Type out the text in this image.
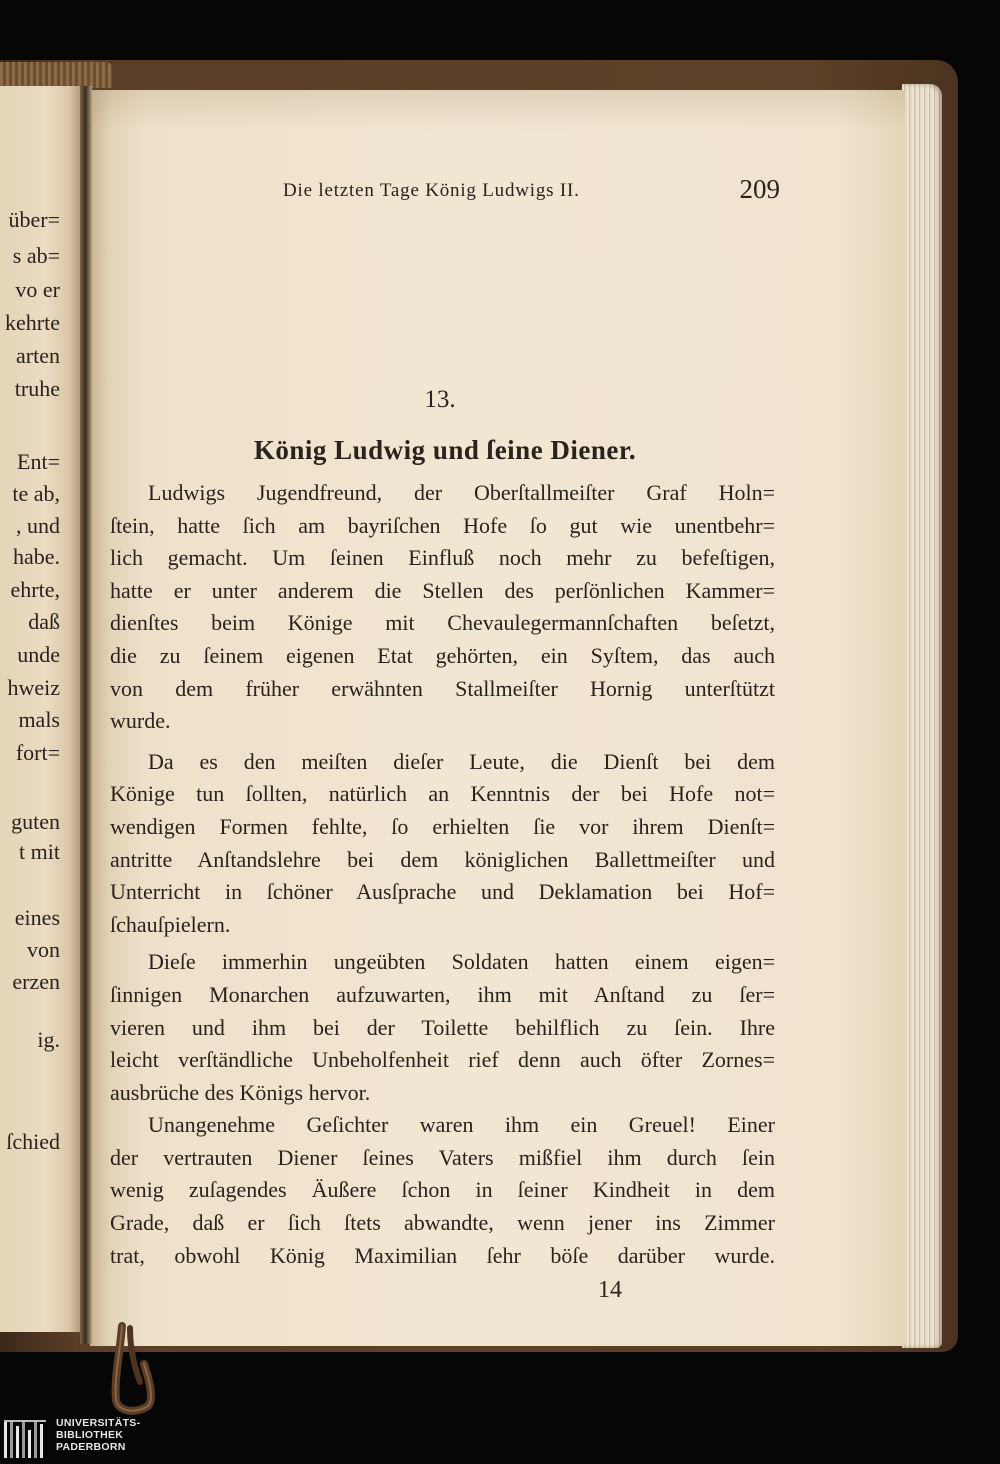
über=
s ab=
vo er
kehrte
arten
truhe
Ent=
te ab,
, und
habe.
ehrte,
daß
unde
hweiz
mals
fort=
guten
t mit
eines
von
erzen
ig.
ſchied
Die letzten Tage König Ludwigs II.	209
13.
König Ludwig und ſeine Diener.
Ludwigs Jugendfreund, der Oberſtallmeiſter Graf Holn=
ſtein, hatte ſich am bayriſchen Hofe ſo gut wie unentbehr=
lich gemacht. Um ſeinen Einfluß noch mehr zu befeſtigen,
hatte er unter anderem die Stellen des perſönlichen Kammer=
dienſtes beim Könige mit Chevaulegermannſchaften beſetzt,
die zu ſeinem eigenen Etat gehörten, ein Syſtem, das auch
von dem früher erwähnten Stallmeiſter Hornig unterſtützt
wurde.
Da es den meiſten dieſer Leute, die Dienſt bei dem
Könige tun ſollten, natürlich an Kenntnis der bei Hofe not=
wendigen Formen fehlte, ſo erhielten ſie vor ihrem Dienſt=
antritte Anſtandslehre bei dem königlichen Ballettmeiſter und
Unterricht in ſchöner Ausſprache und Deklamation bei Hof=
ſchauſpielern.
Dieſe immerhin ungeübten Soldaten hatten einem eigen=
ſinnigen Monarchen aufzuwarten, ihm mit Anſtand zu ſer=
vieren und ihm bei der Toilette behilflich zu ſein. Ihre
leicht verſtändliche Unbeholfenheit rief denn auch öfter Zornes=
ausbrüche des Königs hervor.
Unangenehme Geſichter waren ihm ein Greuel! Einer
der vertrauten Diener ſeines Vaters mißfiel ihm durch ſein
wenig zuſagendes Äußere ſchon in ſeiner Kindheit in dem
Grade, daß er ſich ſtets abwandte, wenn jener ins Zimmer
trat, obwohl König Maximilian ſehr böſe darüber wurde.
14
UNIVERSITÄTS-
BIBLIOTHEK
PADERBORN
